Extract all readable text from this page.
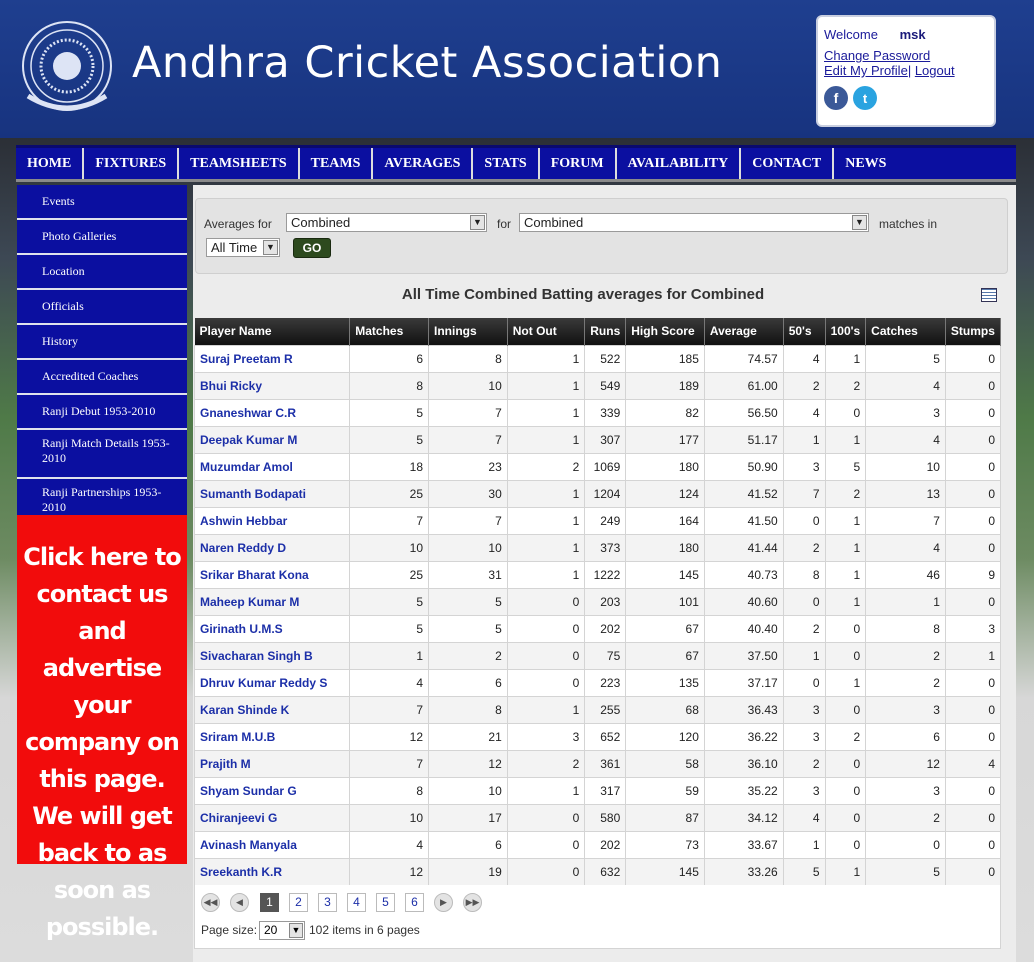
Andhra Cricket Association
Welcome msk
Change Password
Edit My Profile| Logout
f	t
HOME	FIXTURES	TEAMSHEETS	TEAMS	AVERAGES	STATS	FORUM	AVAILABILITY	CONTACT	NEWS
Events
Photo Galleries
Location
Officials
History
Accredited Coaches
Ranji Debut 1953-2010
Ranji Match Details 1953-2010
Ranji Partnerships 1953-2010
Click here to contact us and advertise your company on this page. We will get back to as soon as possible.
Averages for	Combined	▼ for Combined	▼ matches in
All Time ▼	GO
All Time Combined Batting averages for Combined
Player Name	Matches	Innings	Not Out	Runs	High Score	Average	50's	100's	Catches	Stumps
Suraj Preetam R	6	8	1	522	185	74.57	4	1	5	0
Bhui Ricky	8	10	1	549	189	61.00	2	2	4	0
Gnaneshwar C.R	5	7	1	339	82	56.50	4	0	3	0
Deepak Kumar M	5	7	1	307	177	51.17	1	1	4	0
Muzumdar Amol	18	23	2	1069	180	50.90	3	5	10	0
Sumanth Bodapati	25	30	1	1204	124	41.52	7	2	13	0
Ashwin Hebbar	7	7	1	249	164	41.50	0	1	7	0
Naren Reddy D	10	10	1	373	180	41.44	2	1	4	0
Srikar Bharat Kona	25	31	1	1222	145	40.73	8	1	46	9
Maheep Kumar M	5	5	0	203	101	40.60	0	1	1	0
Girinath U.M.S	5	5	0	202	67	40.40	2	0	8	3
Sivacharan Singh B	1	2	0	75	67	37.50	1	0	2	1
Dhruv Kumar Reddy S	4	6	0	223	135	37.17	0	1	2	0
Karan Shinde K	7	8	1	255	68	36.43	3	0	3	0
Sriram M.U.B	12	21	3	652	120	36.22	3	2	6	0
Prajith M	7	12	2	361	58	36.10	2	0	12	4
Shyam Sundar G	8	10	1	317	59	35.22	3	0	3	0
Chiranjeevi G	10	17	0	580	87	34.12	4	0	2	0
Avinash Manyala	4	6	0	202	73	33.67	1	0	0	0
Sreekanth K.R	12	19	0	632	145	33.26	5	1	5	0
◀◀	◀	1	2	3	4	5	6	▶	▶▶
Page size: 20 ▼ 102 items in 6 pages
